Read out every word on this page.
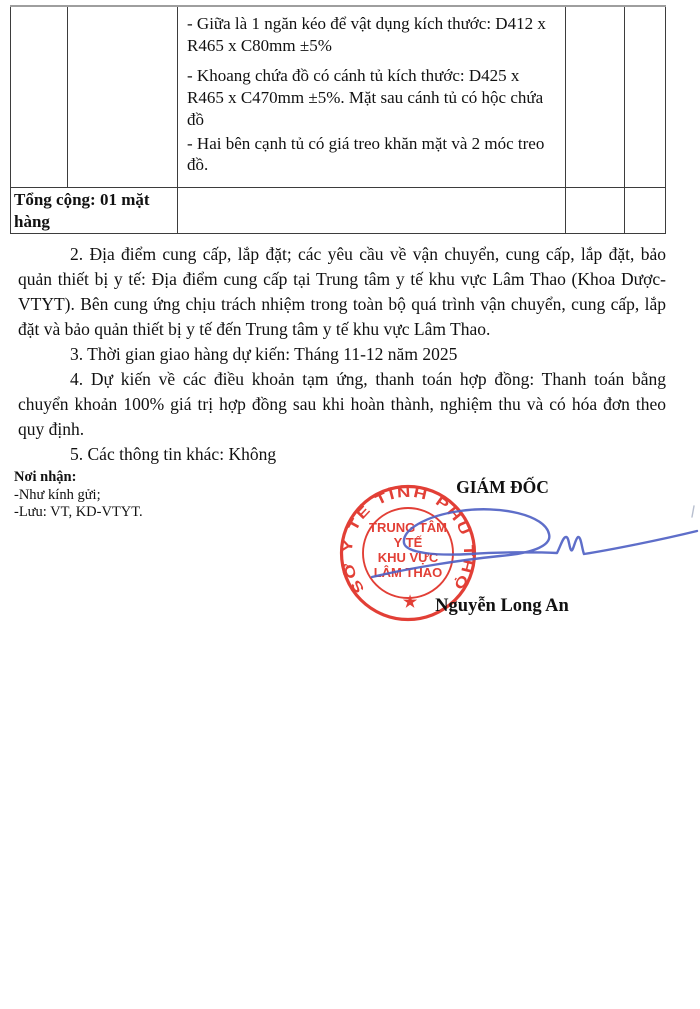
		- Giữa là 1 ngăn kéo để vật dụng kích thước: D412 x R465 x C80mm ±5%

- Khoang chứa đồ có cánh tủ kích thước: D425 x R465 x C470mm ±5%. Mặt sau cánh tủ có hộc chứa đồ

- Hai bên cạnh tủ có giá treo khăn mặt và 2 móc treo đồ.		

Tổng cộng: 01 mặt hàng				

2. Địa điểm cung cấp, lắp đặt; các yêu cầu về vận chuyển, cung cấp, lắp đặt, bảo quản thiết bị y tế: Địa điểm cung cấp tại Trung tâm y tế khu vực Lâm Thao (Khoa Dược-VTYT). Bên cung ứng chịu trách nhiệm trong toàn bộ quá trình vận chuyển, cung cấp, lắp đặt và bảo quản thiết bị y tế đến Trung tâm y tế khu vực Lâm Thao.

3. Thời gian giao hàng dự kiến: Tháng 11-12 năm 2025

4. Dự kiến về các điều khoản tạm ứng, thanh toán hợp đồng: Thanh toán bằng chuyển khoản 100% giá trị hợp đồng sau khi hoàn thành, nghiệm thu và có hóa đơn theo quy định.

5. Các thông tin khác: Không

Nơi nhận:
-Như kính gửi;
-Lưu: VT, KD-VTYT.
GIÁM ĐỐC
SỞ Y TẾ TỈNH PHÚ THỌ
TRUNG TÂM
Y TẾ
KHU VỰC
LÂM THAO
★ Nguyễn Long An
